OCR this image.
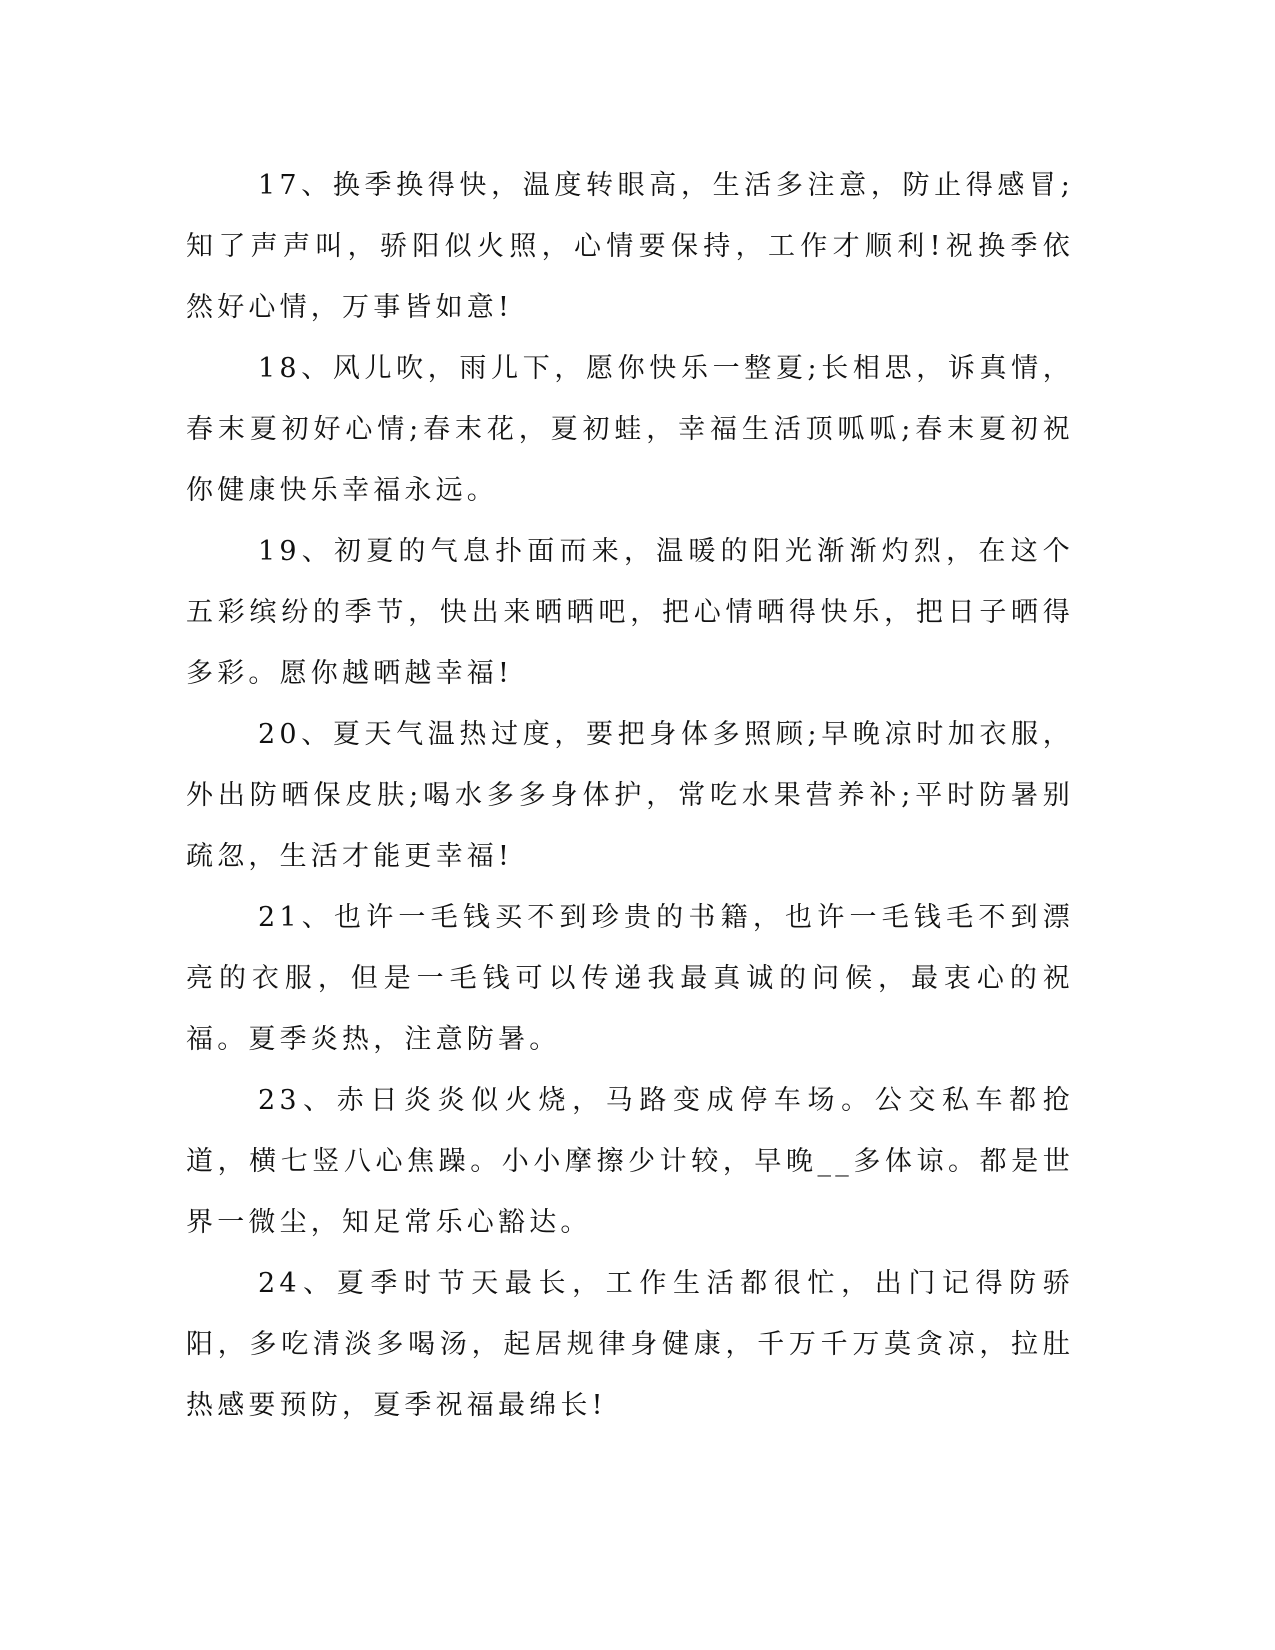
17、换季换得快，温度转眼高，生活多注意，防止得感冒;知了声声叫，骄阳似火照，心情要保持，工作才顺利!祝换季依然好心情，万事皆如意!

18、风儿吹，雨儿下，愿你快乐一整夏;长相思，诉真情，春末夏初好心情;春末花，夏初蛙，幸福生活顶呱呱;春末夏初祝你健康快乐幸福永远。

19、初夏的气息扑面而来，温暖的阳光渐渐灼烈，在这个五彩缤纷的季节，快出来晒晒吧，把心情晒得快乐，把日子晒得多彩。愿你越晒越幸福!

20、夏天气温热过度，要把身体多照顾;早晚凉时加衣服，外出防晒保皮肤;喝水多多身体护，常吃水果营养补;平时防暑别疏忽，生活才能更幸福!

21、也许一毛钱买不到珍贵的书籍，也许一毛钱毛不到漂亮的衣服，但是一毛钱可以传递我最真诚的问候，最衷心的祝福。夏季炎热，注意防暑。

23、赤日炎炎似火烧，马路变成停车场。公交私车都抢道，横七竖八心焦躁。小小摩擦少计较，早晚__多体谅。都是世界一微尘，知足常乐心豁达。

24、夏季时节天最长，工作生活都很忙，出门记得防骄阳，多吃清淡多喝汤，起居规律身健康，千万千万莫贪凉，拉肚热感要预防，夏季祝福最绵长!
